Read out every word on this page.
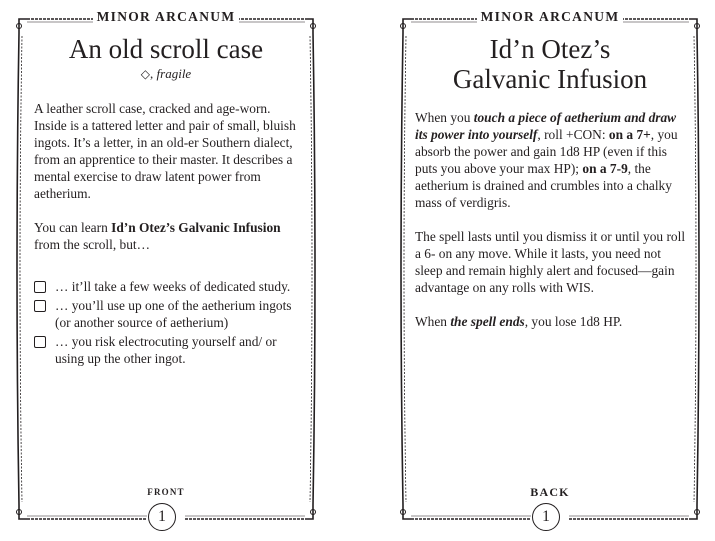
MINOR ARCANUM
An old scroll case
◇, fragile

A leather scroll case, cracked and age-worn. Inside is a tattered letter and pair of small, bluish ingots. It’s a letter, in an old-er Southern dialect, from an apprentice to their master. It describes a mental exercise to draw latent power from aetherium.

You can learn Id’n Otez’s Galvanic Infusion from the scroll, but…

… it’ll take a few weeks of dedicated study.
… you’ll use up one of the aetherium ingots (or another source of aetherium)
… you risk electrocuting yourself and/ or using up the other ingot.
FRONT
1
MINOR ARCANUM
Id’n Otez’s
Galvanic Infusion

When you touch a piece of aetherium and draw its power into yourself, roll +CON: on a 7+, you absorb the power and gain 1d8 HP (even if this puts you above your max HP); on a 7-9, the aetherium is drained and crumbles into a chalky mass of verdigris.

The spell lasts until you dismiss it or until you roll a 6- on any move. While it lasts, you need not sleep and remain highly alert and focused—gain advantage on any rolls with WIS.

When the spell ends, you lose 1d8 HP.

BACK
1
